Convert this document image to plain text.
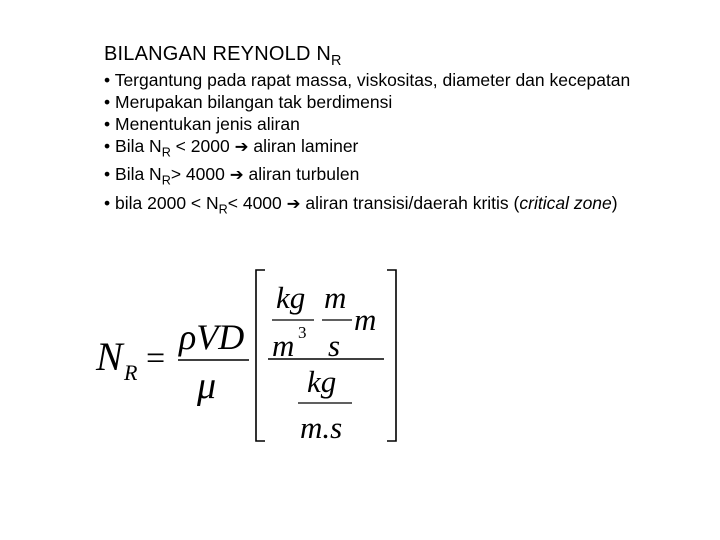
BILANGAN REYNOLD $N_R$
• Tergantung pada rapat massa, viskositas, diameter dan kecepatan
• Merupakan bilangan tak berdimensi
• Menentukan jenis aliran
• Bila $N_R < 2000$ ➔ aliran laminer
• Bila $N_R> 4000$ ➔ aliran turbulen
• bila $2000 < N_R< 4000$ ➔ aliran transisi/daerah kritis (critical zone)
N R =
ρVD
μ
kg
m 3
m
s
m
kg
m.s
